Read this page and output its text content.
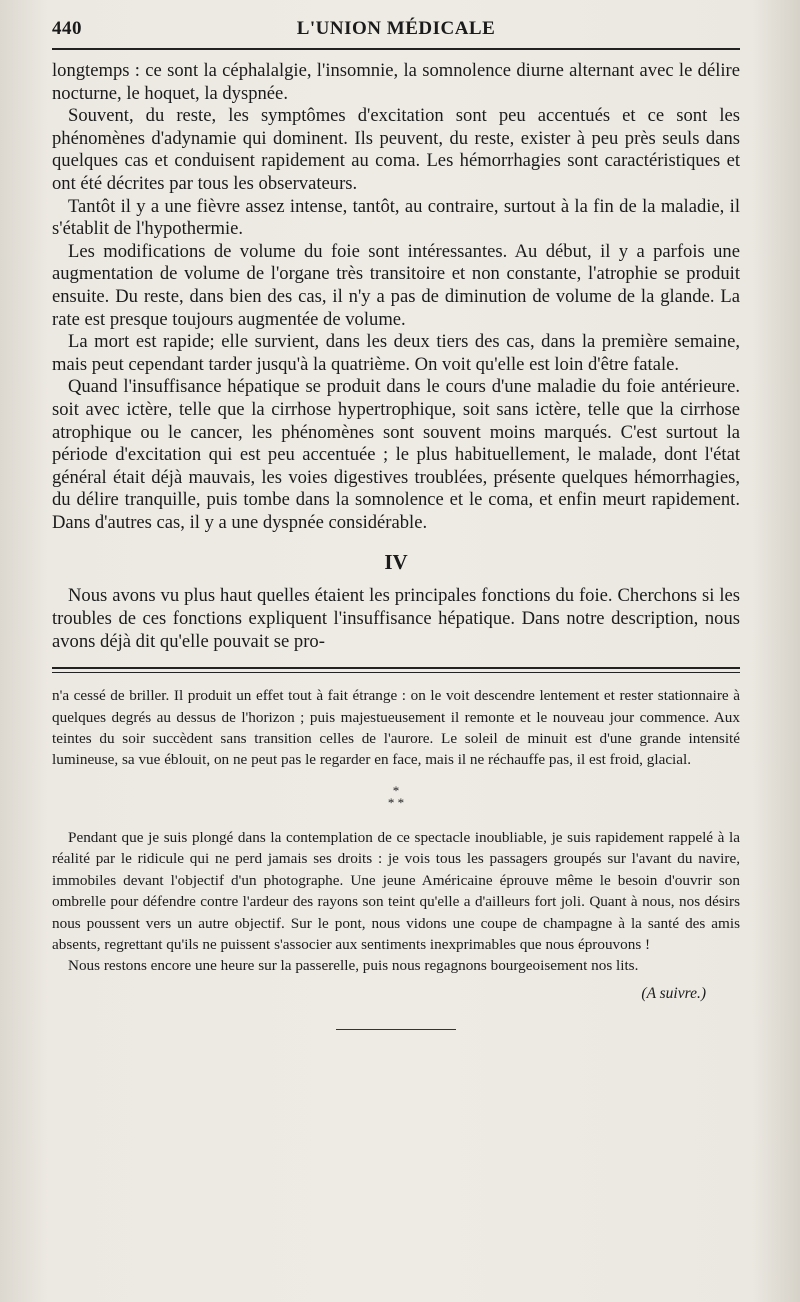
440	L'UNION MÉDICALE

longtemps : ce sont la céphalalgie, l'insomnie, la somnolence diurne alternant avec le délire nocturne, le hoquet, la dyspnée.

Souvent, du reste, les symptômes d'excitation sont peu accentués et ce sont les phénomènes d'adynamie qui dominent. Ils peuvent, du reste, exister à peu près seuls dans quelques cas et conduisent rapidement au coma. Les hémorrhagies sont caractéristiques et ont été décrites par tous les observateurs.

Tantôt il y a une fièvre assez intense, tantôt, au contraire, surtout à la fin de la maladie, il s'établit de l'hypothermie.

Les modifications de volume du foie sont intéressantes. Au début, il y a parfois une augmentation de volume de l'organe très transitoire et non constante, l'atrophie se produit ensuite. Du reste, dans bien des cas, il n'y a pas de diminution de volume de la glande. La rate est presque toujours augmentée de volume.

La mort est rapide; elle survient, dans les deux tiers des cas, dans la première semaine, mais peut cependant tarder jusqu'à la quatrième. On voit qu'elle est loin d'être fatale.

Quand l'insuffisance hépatique se produit dans le cours d'une maladie du foie antérieure. soit avec ictère, telle que la cirrhose hypertrophique, soit sans ictère, telle que la cirrhose atrophique ou le cancer, les phénomènes sont souvent moins marqués. C'est surtout la période d'excitation qui est peu accentuée ; le plus habituellement, le malade, dont l'état général était déjà mauvais, les voies digestives troublées, présente quelques hémorrhagies, du délire tranquille, puis tombe dans la somnolence et le coma, et enfin meurt rapidement. Dans d'autres cas, il y a une dyspnée considérable.

IV

Nous avons vu plus haut quelles étaient les principales fonctions du foie. Cherchons si les troubles de ces fonctions expliquent l'insuffisance hépatique. Dans notre description, nous avons déjà dit qu'elle pouvait se pro-

n'a cessé de briller. Il produit un effet tout à fait étrange : on le voit descendre lentement et rester stationnaire à quelques degrés au dessus de l'horizon ; puis majestueusement il remonte et le nouveau jour commence. Aux teintes du soir succèdent sans transition celles de l'aurore. Le soleil de minuit est d'une grande intensité lumineuse, sa vue éblouit, on ne peut pas le regarder en face, mais il ne réchauffe pas, il est froid, glacial.

*
* *

Pendant que je suis plongé dans la contemplation de ce spectacle inoubliable, je suis rapidement rappelé à la réalité par le ridicule qui ne perd jamais ses droits : je vois tous les passagers groupés sur l'avant du navire, immobiles devant l'objectif d'un photographe. Une jeune Américaine éprouve même le besoin d'ouvrir son ombrelle pour défendre contre l'ardeur des rayons son teint qu'elle a d'ailleurs fort joli. Quant à nous, nos désirs nous poussent vers un autre objectif. Sur le pont, nous vidons une coupe de champagne à la santé des amis absents, regrettant qu'ils ne puissent s'associer aux sentiments inexprimables que nous éprouvons !

Nous restons encore une heure sur la passerelle, puis nous regagnons bourgeoisement nos lits.

(A suivre.)
